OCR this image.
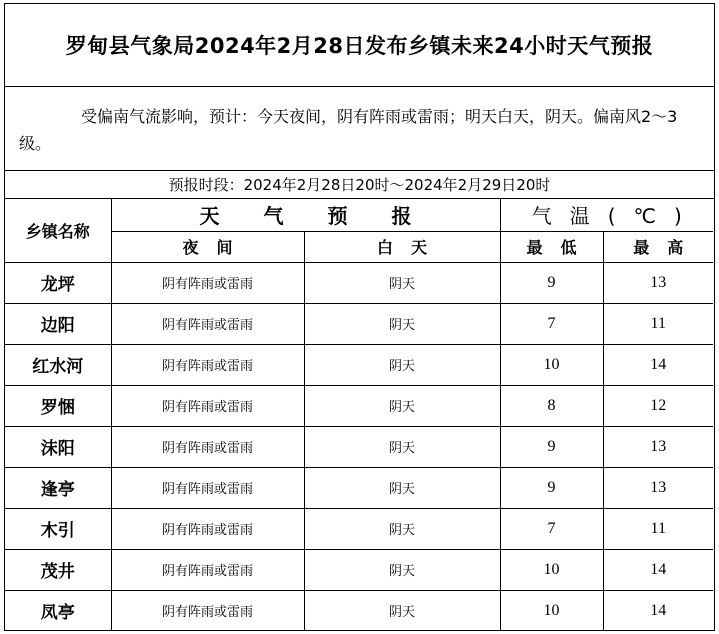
罗甸县气象局2024年2月28日发布乡镇未来24小时天气预报
受偏南气流影响，预计：今天夜间，阴有阵雨或雷雨；明天白天，阴天。偏南风2～3级。
预报时段：2024年2月28日20时～2024年2月29日20时
乡镇名称	天气预报		气温(℃)	
	夜间	白天	最低	最高
龙坪	阴有阵雨或雷雨	阴天	9	13
边阳	阴有阵雨或雷雨	阴天	7	11
红水河	阴有阵雨或雷雨	阴天	10	14
罗悃	阴有阵雨或雷雨	阴天	8	12
沫阳	阴有阵雨或雷雨	阴天	9	13
逢亭	阴有阵雨或雷雨	阴天	9	13
木引	阴有阵雨或雷雨	阴天	7	11
茂井	阴有阵雨或雷雨	阴天	10	14
凤亭	阴有阵雨或雷雨	阴天	10	14
